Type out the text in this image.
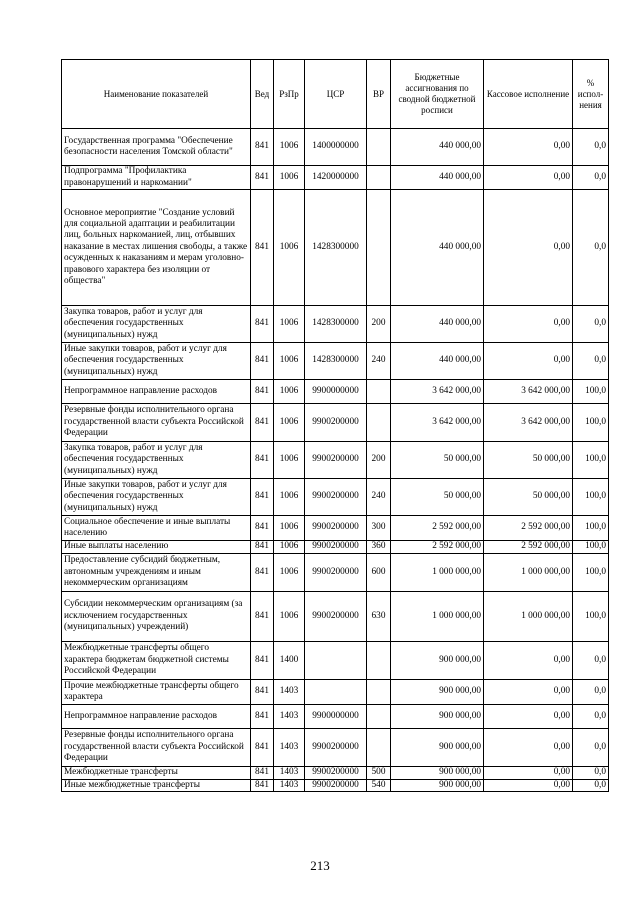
Наименование показателей	Вед	РзПр	ЦСР	ВР	Бюджетные ассигнования по сводной бюджетной росписи	Кассовое исполнение	% испол-нения
Государственная программа "Обеспечение безопасности населения Томской области"	841	1006	1400000000		440 000,00	0,00	0,0
Подпрограмма "Профилактика правонарушений и наркомании"	841	1006	1420000000		440 000,00	0,00	0,0
Основное мероприятие "Создание условий для социальной адаптации и реабилитации лиц, больных наркоманией, лиц, отбывших наказание в местах лишения свободы, а также осужденных к наказаниям и мерам уголовно-правового характера без изоляции от общества"	841	1006	1428300000		440 000,00	0,00	0,0
Закупка товаров, работ и услуг для обеспечения государственных (муниципальных) нужд	841	1006	1428300000	200	440 000,00	0,00	0,0
Иные закупки товаров, работ и услуг для обеспечения государственных (муниципальных) нужд	841	1006	1428300000	240	440 000,00	0,00	0,0
Непрограммное направление расходов	841	1006	9900000000		3 642 000,00	3 642 000,00	100,0
Резервные фонды исполнительного органа государственной власти субъекта Российской Федерации	841	1006	9900200000		3 642 000,00	3 642 000,00	100,0
Закупка товаров, работ и услуг для обеспечения государственных (муниципальных) нужд	841	1006	9900200000	200	50 000,00	50 000,00	100,0
Иные закупки товаров, работ и услуг для обеспечения государственных (муниципальных) нужд	841	1006	9900200000	240	50 000,00	50 000,00	100,0
Социальное обеспечение и иные выплаты населению	841	1006	9900200000	300	2 592 000,00	2 592 000,00	100,0
Иные выплаты населению	841	1006	9900200000	360	2 592 000,00	2 592 000,00	100,0
Предоставление субсидий бюджетным, автономным учреждениям и иным некоммерческим организациям	841	1006	9900200000	600	1 000 000,00	1 000 000,00	100,0
Субсидии некоммерческим организациям (за исключением государственных (муниципальных) учреждений)	841	1006	9900200000	630	1 000 000,00	1 000 000,00	100,0
Межбюджетные трансферты общего характера бюджетам бюджетной системы Российской Федерации	841	1400			900 000,00	0,00	0,0
Прочие межбюджетные трансферты общего характера	841	1403			900 000,00	0,00	0,0
Непрограммное направление расходов	841	1403	9900000000		900 000,00	0,00	0,0
Резервные фонды исполнительного органа государственной власти субъекта Российской Федерации	841	1403	9900200000		900 000,00	0,00	0,0
Межбюджетные трансферты	841	1403	9900200000	500	900 000,00	0,00	0,0
Иные межбюджетные трансферты	841	1403	9900200000	540	900 000,00	0,00	0,0
213
